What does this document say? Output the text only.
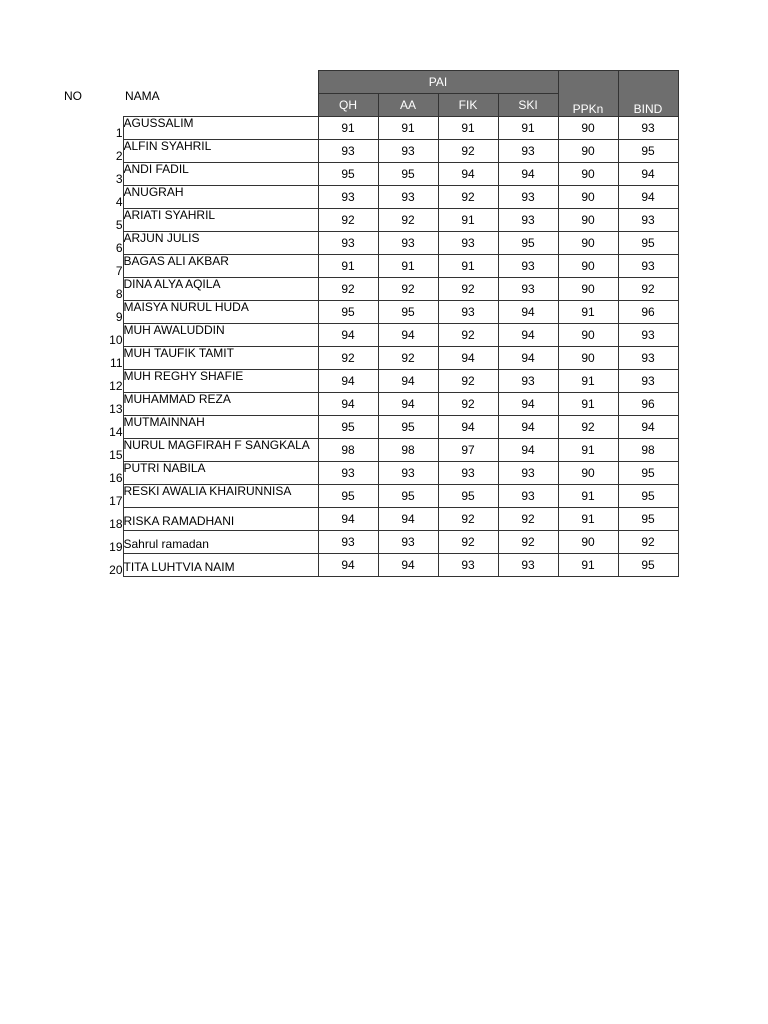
NO	NAMA
		PAI				PPKn	BIND
		QH	AA	FIK	SKI		
1	AGUSSALIM	91	91	91	91	90	93
2	ALFIN SYAHRIL	93	93	92	93	90	95
3	ANDI FADIL	95	95	94	94	90	94
4	ANUGRAH	93	93	92	93	90	94
5	ARIATI SYAHRIL	92	92	91	93	90	93
6	ARJUN JULIS	93	93	93	95	90	95
7	BAGAS ALI AKBAR	91	91	91	93	90	93
8	DINA ALYA AQILA	92	92	92	93	90	92
9	MAISYA NURUL HUDA	95	95	93	94	91	96
10	MUH AWALUDDIN	94	94	92	94	90	93
11	MUH TAUFIK TAMIT	92	92	94	94	90	93
12	MUH REGHY SHAFIE	94	94	92	93	91	93
13	MUHAMMAD REZA	94	94	92	94	91	96
14	MUTMAINNAH	95	95	94	94	92	94
15	NURUL MAGFIRAH F SANGKALA	98	98	97	94	91	98
16	PUTRI NABILA	93	93	93	93	90	95
17	RESKI AWALIA KHAIRUNNISA	95	95	95	93	91	95
18	RISKA RAMADHANI	94	94	92	92	91	95
19	Sahrul ramadan	93	93	92	92	90	92
20	TITA LUHTVIA NAIM	94	94	93	93	91	95
